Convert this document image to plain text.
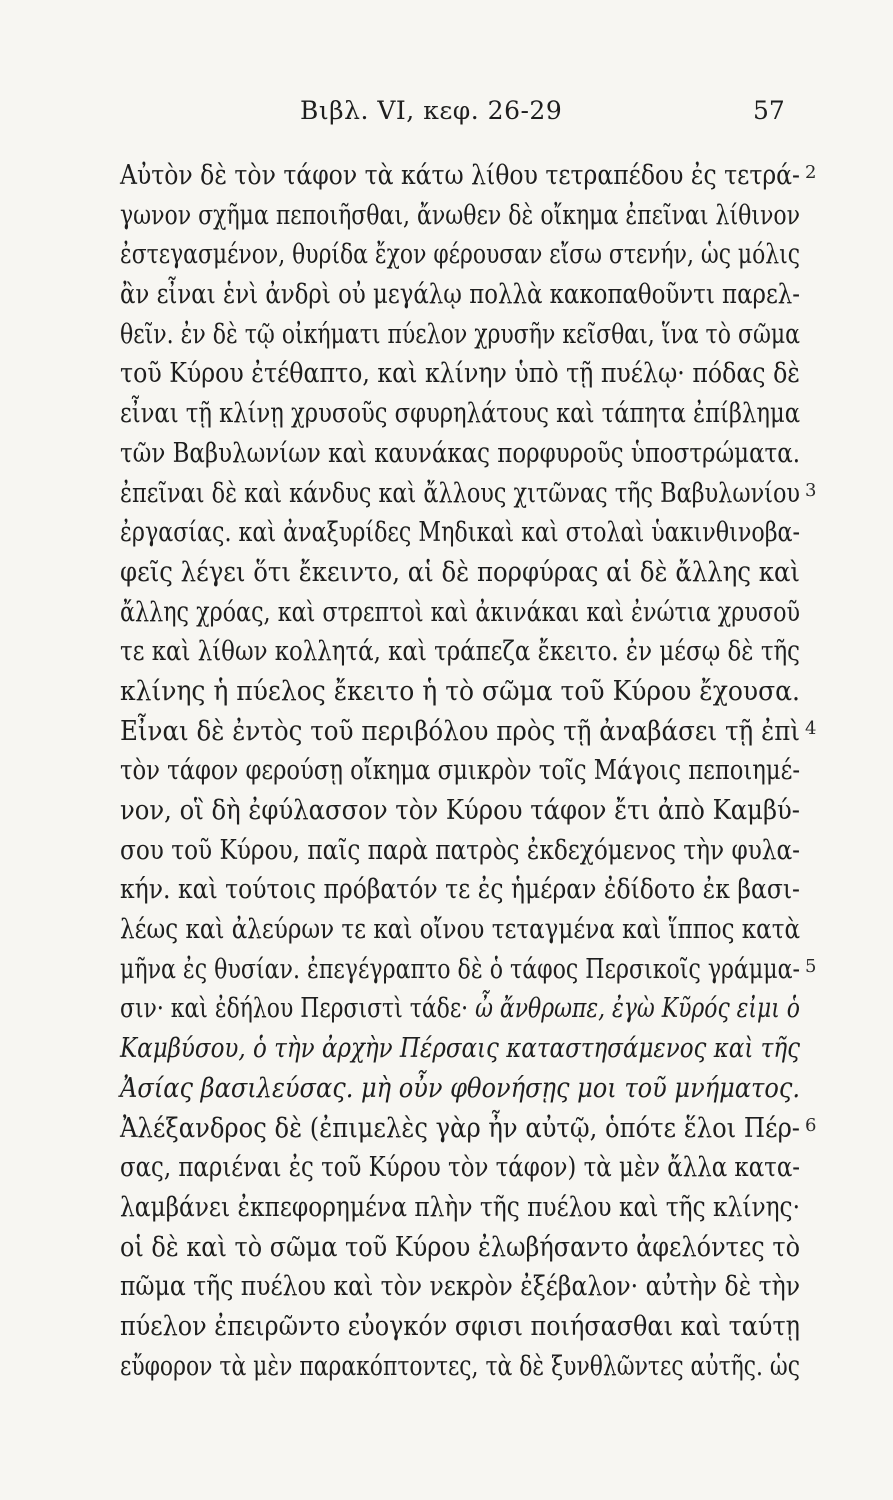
Βιβλ. VI, κεφ. 26-29	57
Αὐτὸν δὲ τὸν τάφον τὰ κάτω λίθου τετραπέδου ἐς τετρά-
γωνον σχῆμα πεποιῆσθαι, ἄνωθεν δὲ οἴκημα ἐπεῖναι λίθινον
ἐστεγασμένον, θυρίδα ἔχον φέρουσαν εἴσω στενήν, ὡς μόλις
ἂν εἶναι ἑνὶ ἀνδρὶ οὐ μεγάλῳ πολλὰ κακοπαθοῦντι παρελ-
θεῖν. ἐν δὲ τῷ οἰκήματι πύελον χρυσῆν κεῖσθαι, ἵνα τὸ σῶμα
τοῦ Κύρου ἐτέθαπτο, καὶ κλίνην ὑπὸ τῇ πυέλῳ· πόδας δὲ
εἶναι τῇ κλίνῃ χρυσοῦς σφυρηλάτους καὶ τάπητα ἐπίβλημα
τῶν Βαβυλωνίων καὶ καυνάκας πορφυροῦς ὑποστρώματα.
ἐπεῖναι δὲ καὶ κάνδυς καὶ ἄλλους χιτῶνας τῆς Βαβυλωνίου
ἐργασίας. καὶ ἀναξυρίδες Μηδικαὶ καὶ στολαὶ ὑακινθινοβα-
φεῖς λέγει ὅτι ἔκειντο, αἱ δὲ πορφύρας αἱ δὲ ἄλλης καὶ
ἄλλης χρόας, καὶ στρεπτοὶ καὶ ἀκινάκαι καὶ ἐνώτια χρυσοῦ
τε καὶ λίθων κολλητά, καὶ τράπεζα ἔκειτο. ἐν μέσῳ δὲ τῆς
κλίνης ἡ πύελος ἔκειτο ἡ τὸ σῶμα τοῦ Κύρου ἔχουσα.
Εἶναι δὲ ἐντὸς τοῦ περιβόλου πρὸς τῇ ἀναβάσει τῇ ἐπὶ
τὸν τάφον φερούσῃ οἴκημα σμικρὸν τοῖς Μάγοις πεποιημέ-
νον, οἳ δὴ ἐφύλασσον τὸν Κύρου τάφον ἔτι ἀπὸ Καμβύ-
σου τοῦ Κύρου, παῖς παρὰ πατρὸς ἐκδεχόμενος τὴν φυλα-
κήν. καὶ τούτοις πρόβατόν τε ἐς ἡμέραν ἐδίδοτο ἐκ βασι-
λέως καὶ ἀλεύρων τε καὶ οἴνου τεταγμένα καὶ ἵππος κατὰ
μῆνα ἐς θυσίαν. ἐπεγέγραπτο δὲ ὁ τάφος Περσικοῖς γράμμα-
σιν· καὶ ἐδήλου Περσιστὶ τάδε· ὦ ἄνθρωπε, ἐγὼ Κῦρός εἰμι ὁ
Καμβύσου, ὁ τὴν ἀρχὴν Πέρσαις καταστησάμενος καὶ τῆς
Ἀσίας βασιλεύσας. μὴ οὖν φθονήσῃς μοι τοῦ μνήματος.
Ἀλέξανδρος δὲ (ἐπιμελὲς γὰρ ἦν αὐτῷ, ὁπότε ἕλοι Πέρ-
σας, παριέναι ἐς τοῦ Κύρου τὸν τάφον) τὰ μὲν ἄλλα κατα-
λαμβάνει ἐκπεφορημένα πλὴν τῆς πυέλου καὶ τῆς κλίνης·
οἱ δὲ καὶ τὸ σῶμα τοῦ Κύρου ἐλωβήσαντο ἀφελόντες τὸ
πῶμα τῆς πυέλου καὶ τὸν νεκρὸν ἐξέβαλον· αὐτὴν δὲ τὴν
πύελον ἐπειρῶντο εὐογκόν σφισι ποιήσασθαι καὶ ταύτῃ
εὔφορον τὰ μὲν παρακόπτοντες, τὰ δὲ ξυνθλῶντες αὐτῆς. ὡς
2
3
4
5
6
